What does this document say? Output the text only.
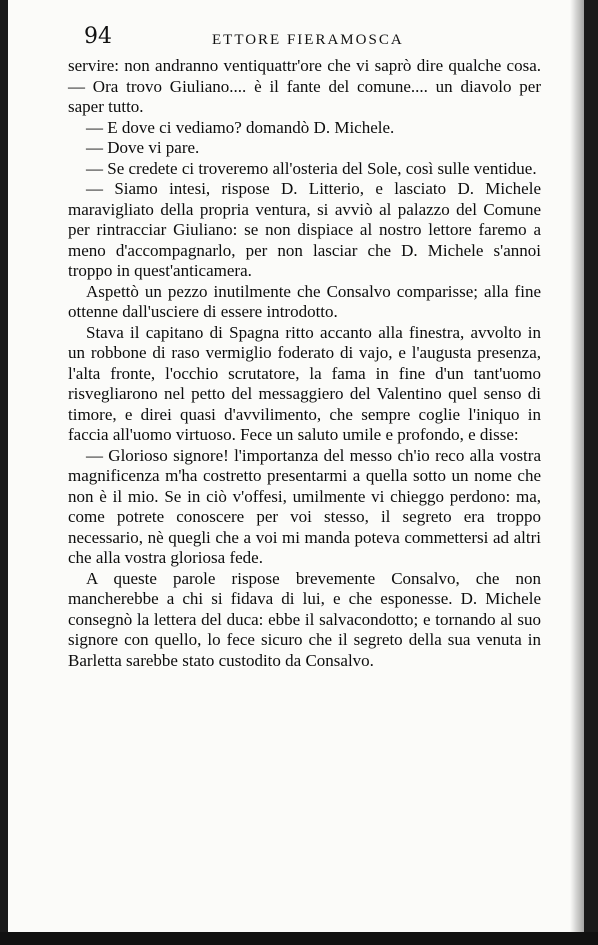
94	ETTORE FIERAMOSCA

servire: non andranno ventiquattr'ore che vi saprò dire qualche cosa. — Ora trovo Giuliano.... è il fante del comune.... un diavolo per saper tutto.

— E dove ci vediamo? domandò D. Michele.

— Dove vi pare.

— Se credete ci troveremo all'osteria del Sole, così sulle ventidue.

— Siamo intesi, rispose D. Litterio, e lasciato D. Michele maravigliato della propria ventura, si avviò al palazzo del Comune per rintracciar Giuliano: se non dispiace al nostro lettore faremo a meno d'accompagnarlo, per non lasciar che D. Michele s'annoi troppo in quest'anticamera.

Aspettò un pezzo inutilmente che Consalvo comparisse; alla fine ottenne dall'usciere di essere introdotto.

Stava il capitano di Spagna ritto accanto alla finestra, avvolto in un robbone di raso vermiglio foderato di vajo, e l'augusta presenza, l'alta fronte, l'occhio scrutatore, la fama in fine d'un tant'uomo risvegliarono nel petto del messaggiero del Valentino quel senso di timore, e direi quasi d'avvilimento, che sempre coglie l'iniquo in faccia all'uomo virtuoso. Fece un saluto umile e profondo, e disse:

— Glorioso signore! l'importanza del messo ch'io reco alla vostra magnificenza m'ha costretto presentarmi a quella sotto un nome che non è il mio. Se in ciò v'offesi, umilmente vi chieggo perdono: ma, come potrete conoscere per voi stesso, il segreto era troppo necessario, nè quegli che a voi mi manda poteva commettersi ad altri che alla vostra gloriosa fede.

A queste parole rispose brevemente Consalvo, che non mancherebbe a chi si fidava di lui, e che esponesse. D. Michele consegnò la lettera del duca: ebbe il salvacondotto; e tornando al suo signore con quello, lo fece sicuro che il segreto della sua venuta in Barletta sarebbe stato custodito da Consalvo.
